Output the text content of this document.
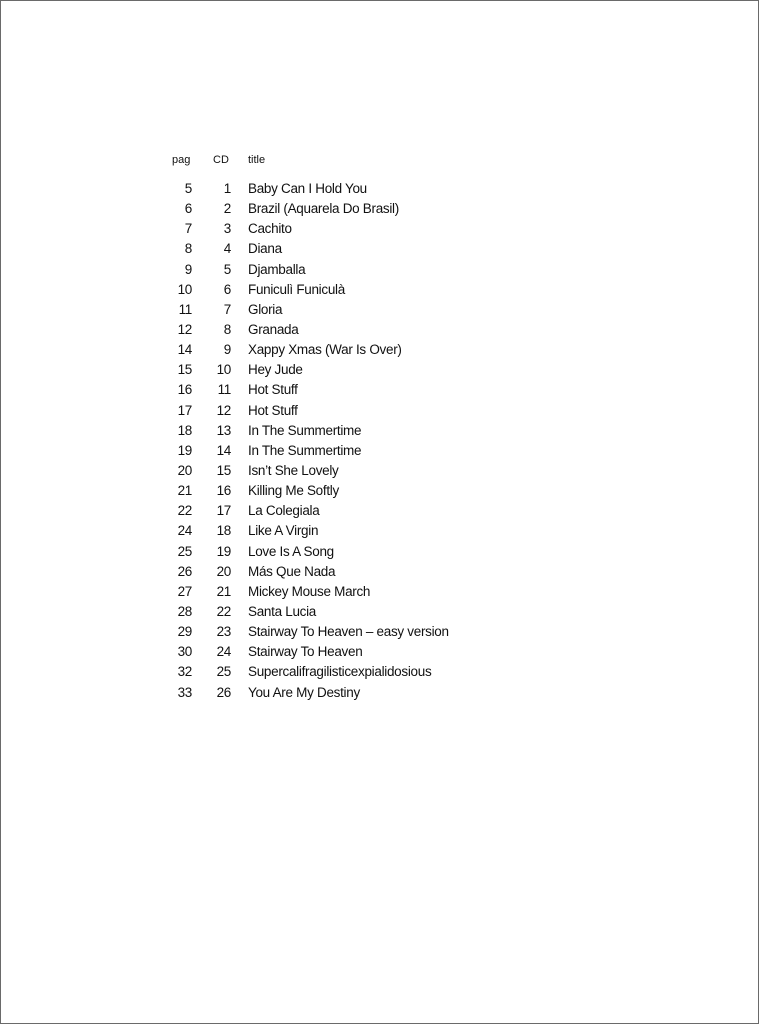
pag CD title
5 1 Baby Can I Hold You
6 2 Brazil (Aquarela Do Brasil)
7 3 Cachito
8 4 Diana
9 5 Djamballa
10 6 Funiculì Funiculà
11 7 Gloria
12 8 Granada
14 9 Xappy Xmas (War Is Over)
15 10 Hey Jude
16 11 Hot Stuff
17 12 Hot Stuff
18 13 In The Summertime
19 14 In The Summertime
20 15 Isn’t She Lovely
21 16 Killing Me Softly
22 17 La Colegiala
24 18 Like A Virgin
25 19 Love Is A Song
26 20 Más Que Nada
27 21 Mickey Mouse March
28 22 Santa Lucia
29 23 Stairway To Heaven – easy version
30 24 Stairway To Heaven
32 25 Supercalifragilisticexpialidosious
33 26 You Are My Destiny
